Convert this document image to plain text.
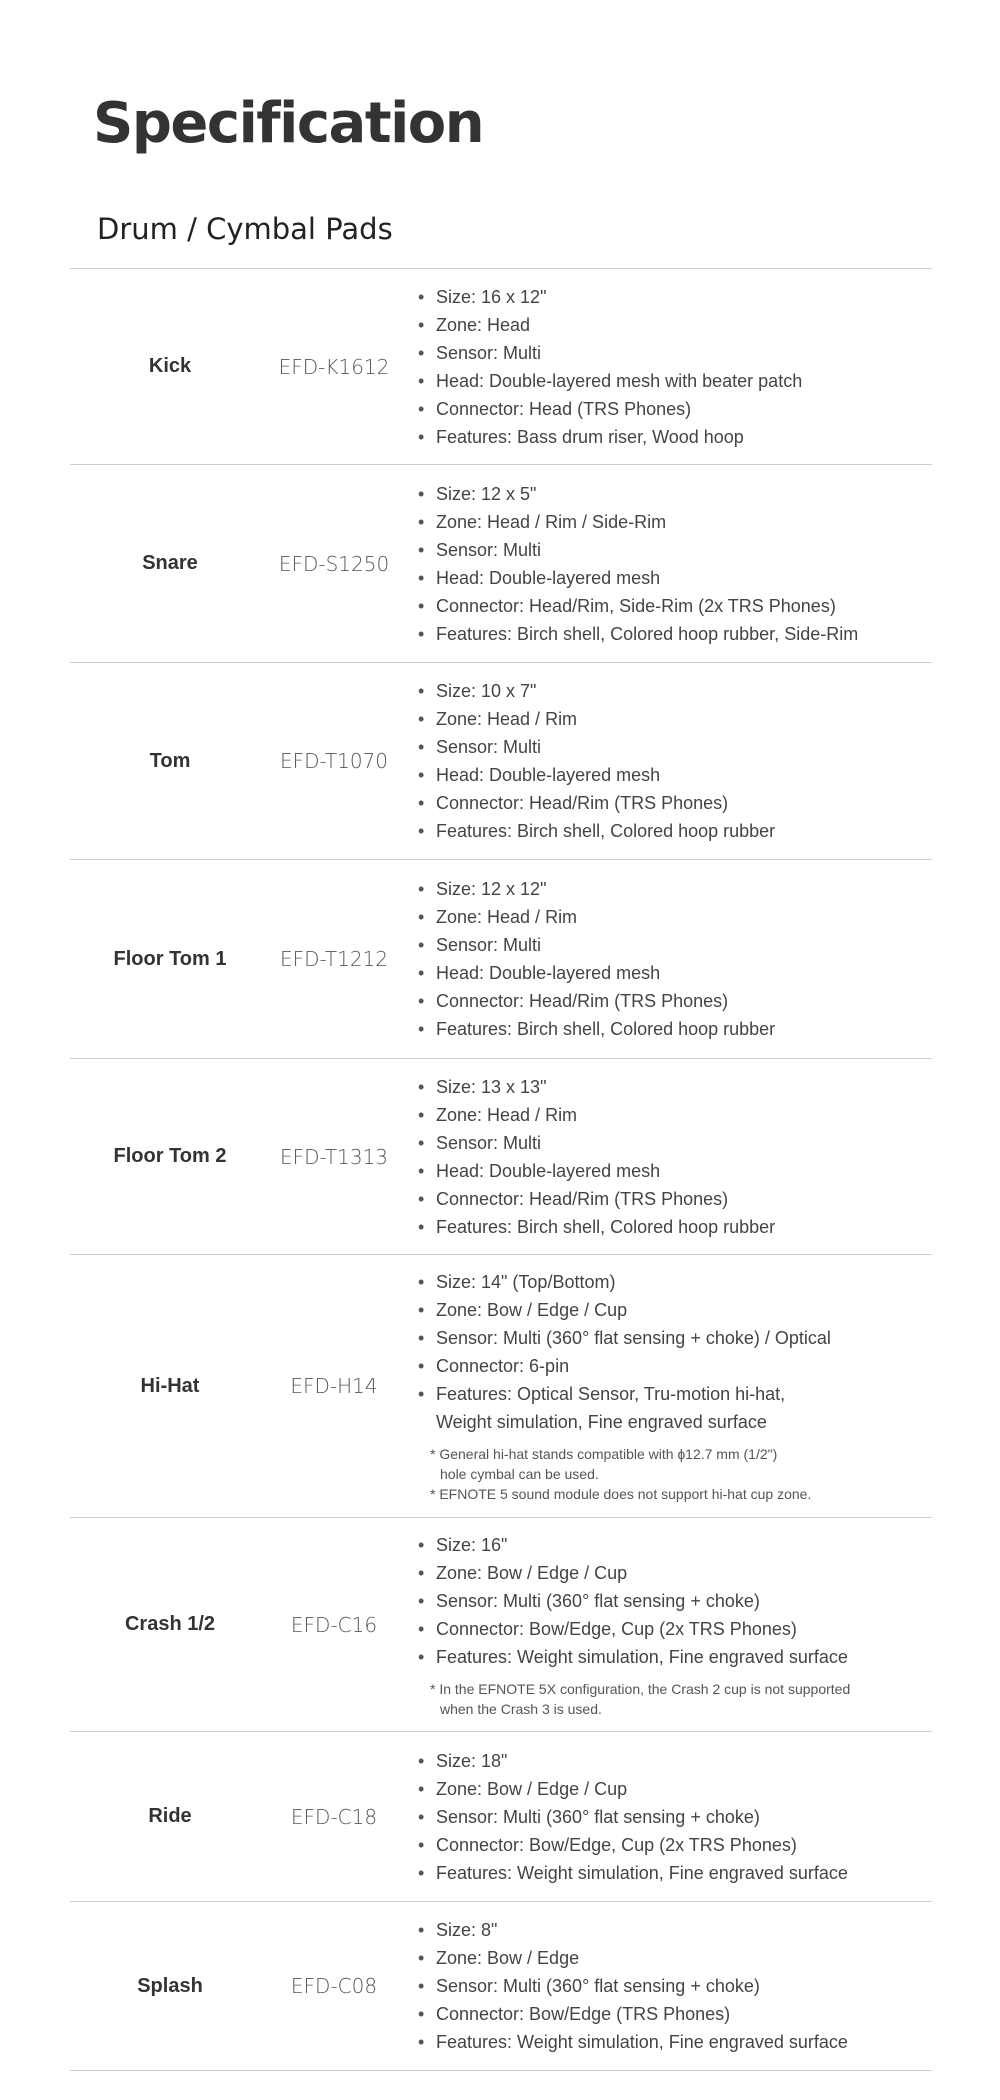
Specification
Drum / Cymbal Pads
Kick	EFD-K1612
• Size: 16 x 12"
• Zone: Head
• Sensor: Multi
• Head: Double-layered mesh with beater patch
• Connector: Head (TRS Phones)
• Features: Bass drum riser, Wood hoop
Snare	EFD-S1250
• Size: 12 x 5"
• Zone: Head / Rim / Side-Rim
• Sensor: Multi
• Head: Double-layered mesh
• Connector: Head/Rim, Side-Rim (2x TRS Phones)
• Features: Birch shell, Colored hoop rubber, Side-Rim
Tom	EFD-T1070
• Size: 10 x 7"
• Zone: Head / Rim
• Sensor: Multi
• Head: Double-layered mesh
• Connector: Head/Rim (TRS Phones)
• Features: Birch shell, Colored hoop rubber
Floor Tom 1	EFD-T1212
• Size: 12 x 12"
• Zone: Head / Rim
• Sensor: Multi
• Head: Double-layered mesh
• Connector: Head/Rim (TRS Phones)
• Features: Birch shell, Colored hoop rubber
Floor Tom 2	EFD-T1313
• Size: 13 x 13"
• Zone: Head / Rim
• Sensor: Multi
• Head: Double-layered mesh
• Connector: Head/Rim (TRS Phones)
• Features: Birch shell, Colored hoop rubber
Hi-Hat	EFD-H14
• Size: 14" (Top/Bottom)
• Zone: Bow / Edge / Cup
• Sensor: Multi (360° flat sensing + choke) / Optical
• Connector: 6-pin
• Features: Optical Sensor, Tru-motion hi-hat,
Weight simulation, Fine engraved surface
* General hi-hat stands compatible with ɸ12.7 mm (1/2")
hole cymbal can be used.
* EFNOTE 5 sound module does not support hi-hat cup zone.
Crash 1/2	EFD-C16
• Size: 16"
• Zone: Bow / Edge / Cup
• Sensor: Multi (360° flat sensing + choke)
• Connector: Bow/Edge, Cup (2x TRS Phones)
• Features: Weight simulation, Fine engraved surface
* In the EFNOTE 5X configuration, the Crash 2 cup is not supported
when the Crash 3 is used.
Ride	EFD-C18
• Size: 18"
• Zone: Bow / Edge / Cup
• Sensor: Multi (360° flat sensing + choke)
• Connector: Bow/Edge, Cup (2x TRS Phones)
• Features: Weight simulation, Fine engraved surface
Splash	EFD-C08
• Size: 8"
• Zone: Bow / Edge
• Sensor: Multi (360° flat sensing + choke)
• Connector: Bow/Edge (TRS Phones)
• Features: Weight simulation, Fine engraved surface
